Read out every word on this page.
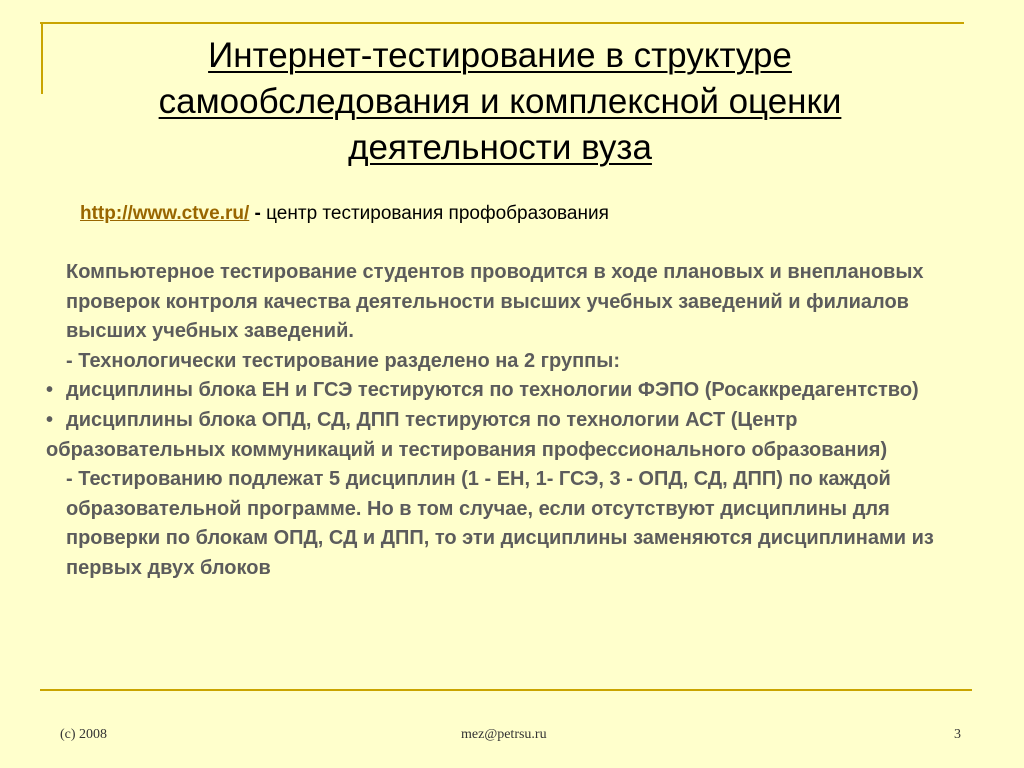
Интернет-тестирование в структуре
самообследования и комплексной оценки
деятельности вуза
http://www.ctve.ru/ - центр тестирования профобразования

Компьютерное тестирование студентов проводится в ходе плановых и внеплановых проверок контроля качества деятельности высших учебных заведений и филиалов высших учебных заведений.

- Технологически тестирование разделено на 2 группы:

• дисциплины блока ЕН и ГСЭ тестируются по технологии ФЭПО (Росаккредагентство)

• дисциплины блока ОПД, СД, ДПП тестируются по технологии АСТ (Центр образовательных коммуникаций и тестирования профессионального образования)

- Тестированию подлежат 5 дисциплин (1 - ЕН, 1- ГСЭ, 3 - ОПД, СД, ДПП) по каждой образовательной программе. Но в том случае, если отсутствуют дисциплины для проверки по блокам ОПД, СД и ДПП, то эти дисциплины заменяются дисциплинами из первых двух блоков

(c) 2008	mez@petrsu.ru	3
